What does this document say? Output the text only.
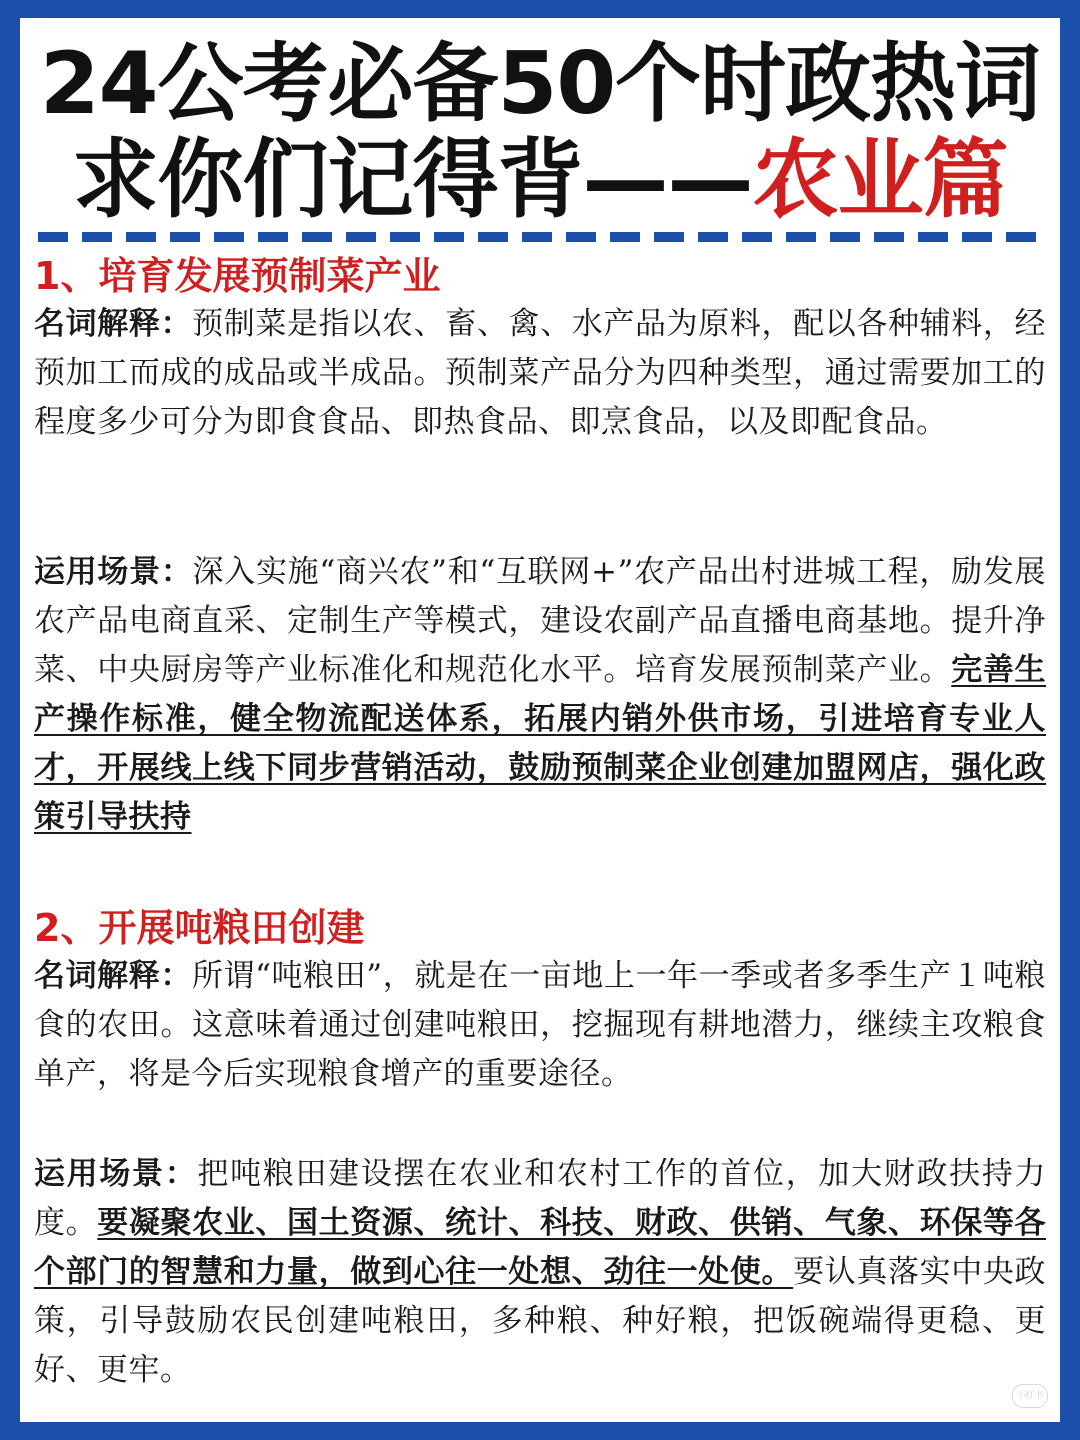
24公考必备50个时政热词
求你们记得背——农业篇
1、培育发展预制菜产业
名词解释：预制菜是指以农、畜、禽、水产品为原料，配以各种辅料，经预加工而成的成品或半成品。预制菜产品分为四种类型，通过需要加工的程度多少可分为即食食品、即热食品、即烹食品，以及即配食品。
运用场景：深入实施“商兴农”和“互联网+”农产品出村进城工程，励发展农产品电商直采、定制生产等模式，建设农副产品直播电商基地。提升净菜、中央厨房等产业标准化和规范化水平。培育发展预制菜产业。完善生产操作标准，健全物流配送体系，拓展内销外供市场，引进培育专业人才，开展线上线下同步营销活动，鼓励预制菜企业创建加盟网店，强化政策引导扶持
2、开展吨粮田创建
名词解释：所谓“吨粮田”，就是在一亩地上一年一季或者多季生产１吨粮食的农田。这意味着通过创建吨粮田，挖掘现有耕地潜力，继续主攻粮食单产，将是今后实现粮食增产的重要途径。
运用场景：把吨粮田建设摆在农业和农村工作的首位，加大财政扶持力度。要凝聚农业、国土资源、统计、科技、财政、供销、气象、环保等各个部门的智慧和力量，做到心往一处想、劲往一处使。要认真落实中央政策，引导鼓励农民创建吨粮田，多种粮、种好粮，把饭碗端得更稳、更好、更牢。
小红书
